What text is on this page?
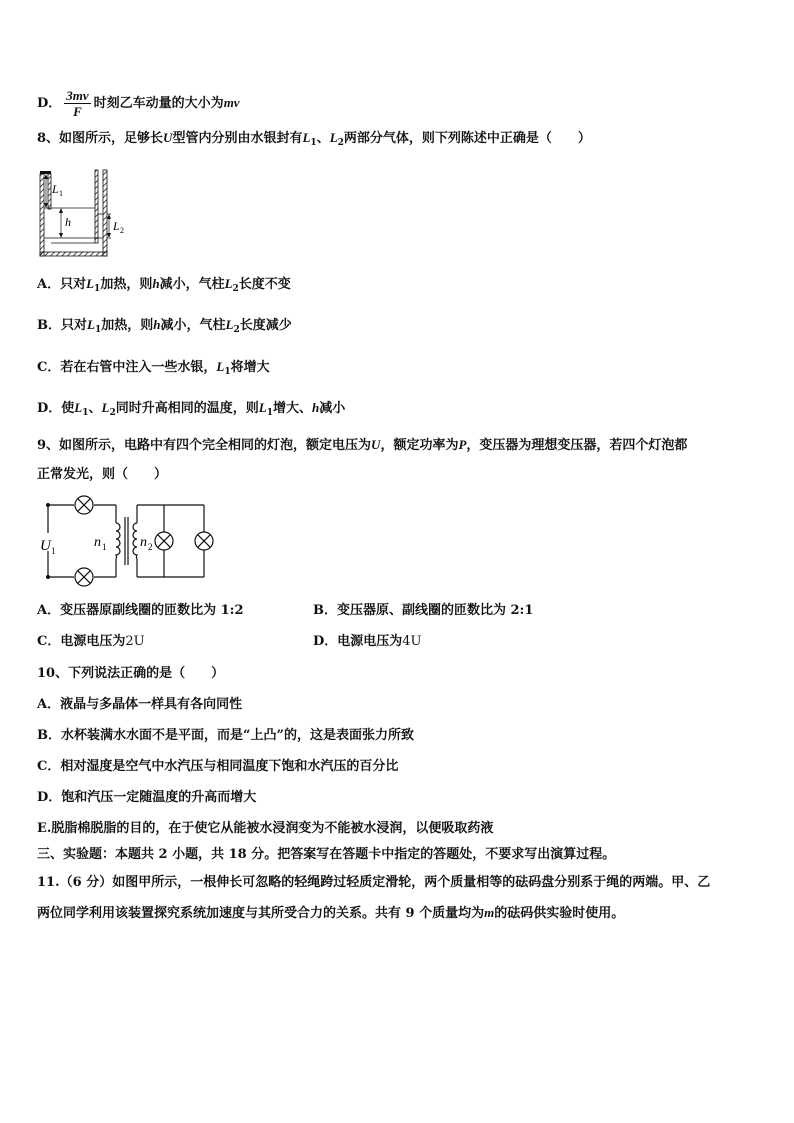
D． $\frac{3mv}{F}$ 时刻乙车动量的大小为mv
8、如图所示，足够长U型管内分别由水银封有$L_1$、$L_2$两部分气体，则下列陈述中正确是（　　）
L 1
h	L 2
A．只对$L_1$加热，则h减小，气柱$L_2$长度不变
B．只对$L_1$加热，则h减小，气柱$L_2$长度减少
C．若在右管中注入一些水银，$L_1$将增大
D．使$L_1$、$L_2$同时升高相同的温度，则$L_1$增大、h减小
9、如图所示，电路中有四个完全相同的灯泡，额定电压为U，额定功率为P，变压器为理想变压器，若四个灯泡都
正常发光，则（　　）
U 1
n 1 n 2
A．变压器原副线圈的匝数比为 1:2	B．变压器原、副线圈的匝数比为 2:1
C．电源电压为2U	D．电源电压为4U
10、下列说法正确的是（　　）
A．液晶与多晶体一样具有各向同性
B．水杯装满水水面不是平面，而是“上凸”的，这是表面张力所致
C．相对湿度是空气中水汽压与相同温度下饱和水汽压的百分比
D．饱和汽压一定随温度的升高而增大
E.脱脂棉脱脂的目的，在于使它从能被水浸润变为不能被水浸润，以便吸取药液
三、实验题：本题共 2 小题，共 18 分。把答案写在答题卡中指定的答题处，不要求写出演算过程。
11.（6 分）如图甲所示，一根伸长可忽略的轻绳跨过轻质定滑轮，两个质量相等的砝码盘分别系于绳的两端。甲、乙
两位同学利用该装置探究系统加速度与其所受合力的关系。共有 9 个质量均为m的砝码供实验时使用。
